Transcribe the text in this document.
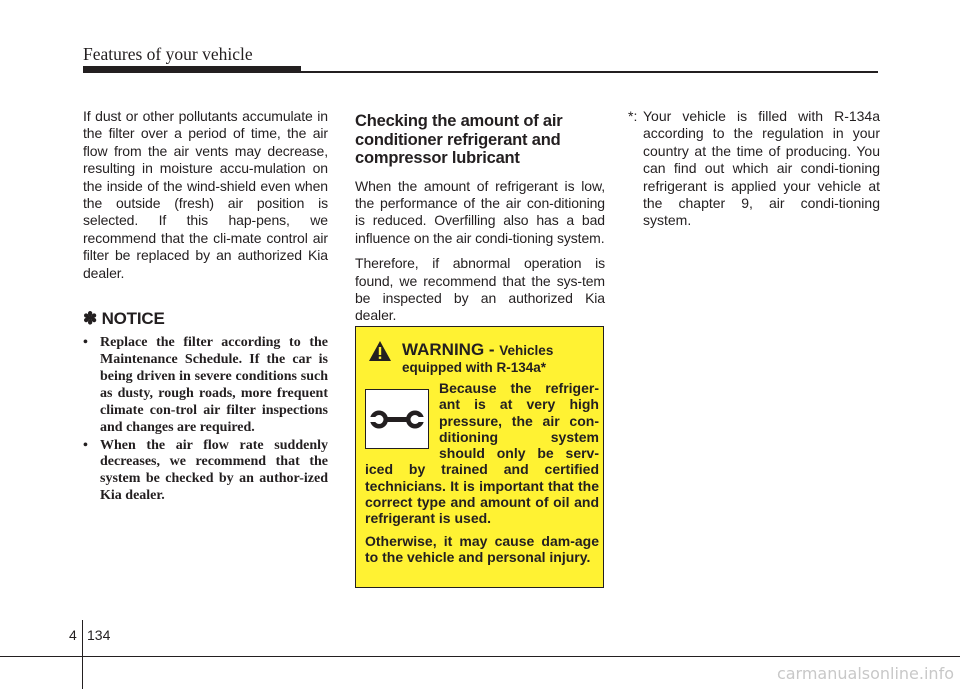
Features of your vehicle

If dust or other pollutants accumulate in the filter over a period of time, the air flow from the air vents may decrease, resulting in moisture accu-mulation on the inside of the wind-shield even when the outside (fresh) air position is selected. If this hap-pens, we recommend that the cli-mate control air filter be replaced by an authorized Kia dealer.

✽ NOTICE
• Replace the filter according to the Maintenance Schedule. If the car is being driven in severe conditions such as dusty, rough roads, more frequent climate con-trol air filter inspections and changes are required.
• When the air flow rate suddenly decreases, we recommend that the system be checked by an author-ized Kia dealer.
Checking the amount of air conditioner refrigerant and compressor lubricant

When the amount of refrigerant is low, the performance of the air con-ditioning is reduced. Overfilling also has a bad influence on the air condi-tioning system.

Therefore, if abnormal operation is found, we recommend that the sys-tem be inspected by an authorized Kia dealer.

WARNING - Vehicles
equipped with R-134a*

Because the refriger-ant is at very high pressure, the air con-ditioning system should only be serv-iced by trained and certified technicians. It is important that the correct type and amount of oil and refrigerant is used.

Otherwise, it may cause dam-age to the vehicle and personal injury.

*: Your vehicle is filled with R-134a according to the regulation in your country at the time of producing. You can find out which air condi-tioning refrigerant is applied your vehicle at the chapter 9, air condi-tioning system.

4 134
carmanualsonline.info
